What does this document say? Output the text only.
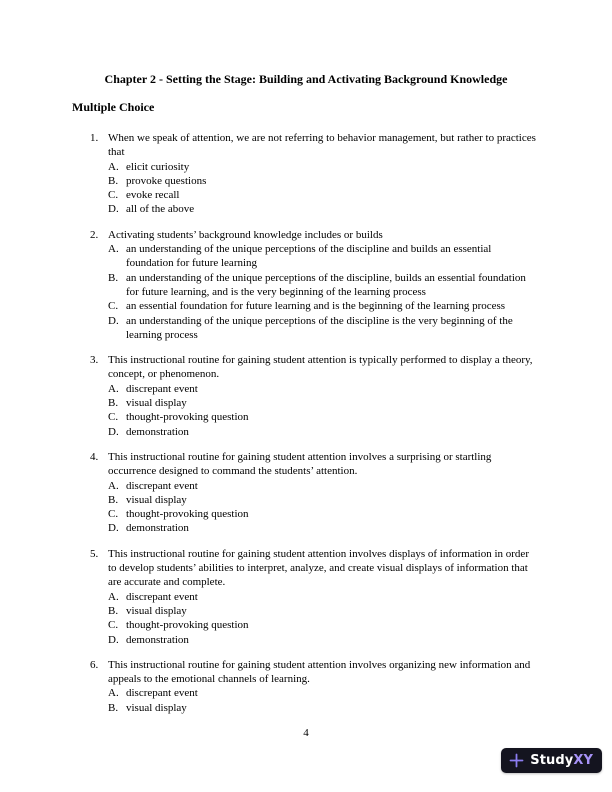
Chapter 2 - Setting the Stage: Building and Activating Background Knowledge
Multiple Choice
1. When we speak of attention, we are not referring to behavior management, but rather to practices that
A. elicit curiosity
B. provoke questions
C. evoke recall
D. all of the above
2. Activating students’ background knowledge includes or builds
A. an understanding of the unique perceptions of the discipline and builds an essential foundation for future learning
B. an understanding of the unique perceptions of the discipline, builds an essential foundation for future learning, and is the very beginning of the learning process
C. an essential foundation for future learning and is the beginning of the learning process
D. an understanding of the unique perceptions of the discipline is the very beginning of the learning process
3. This instructional routine for gaining student attention is typically performed to display a theory, concept, or phenomenon.
A. discrepant event
B. visual display
C. thought-provoking question
D. demonstration
4. This instructional routine for gaining student attention involves a surprising or startling occurrence designed to command the students’ attention.
A. discrepant event
B. visual display
C. thought-provoking question
D. demonstration
5. This instructional routine for gaining student attention involves displays of information in order to develop students’ abilities to interpret, analyze, and create visual displays of information that are accurate and complete.
A. discrepant event
B. visual display
C. thought-provoking question
D. demonstration
6. This instructional routine for gaining student attention involves organizing new information and appeals to the emotional channels of learning.
A. discrepant event
B. visual display
4
StudyXY
